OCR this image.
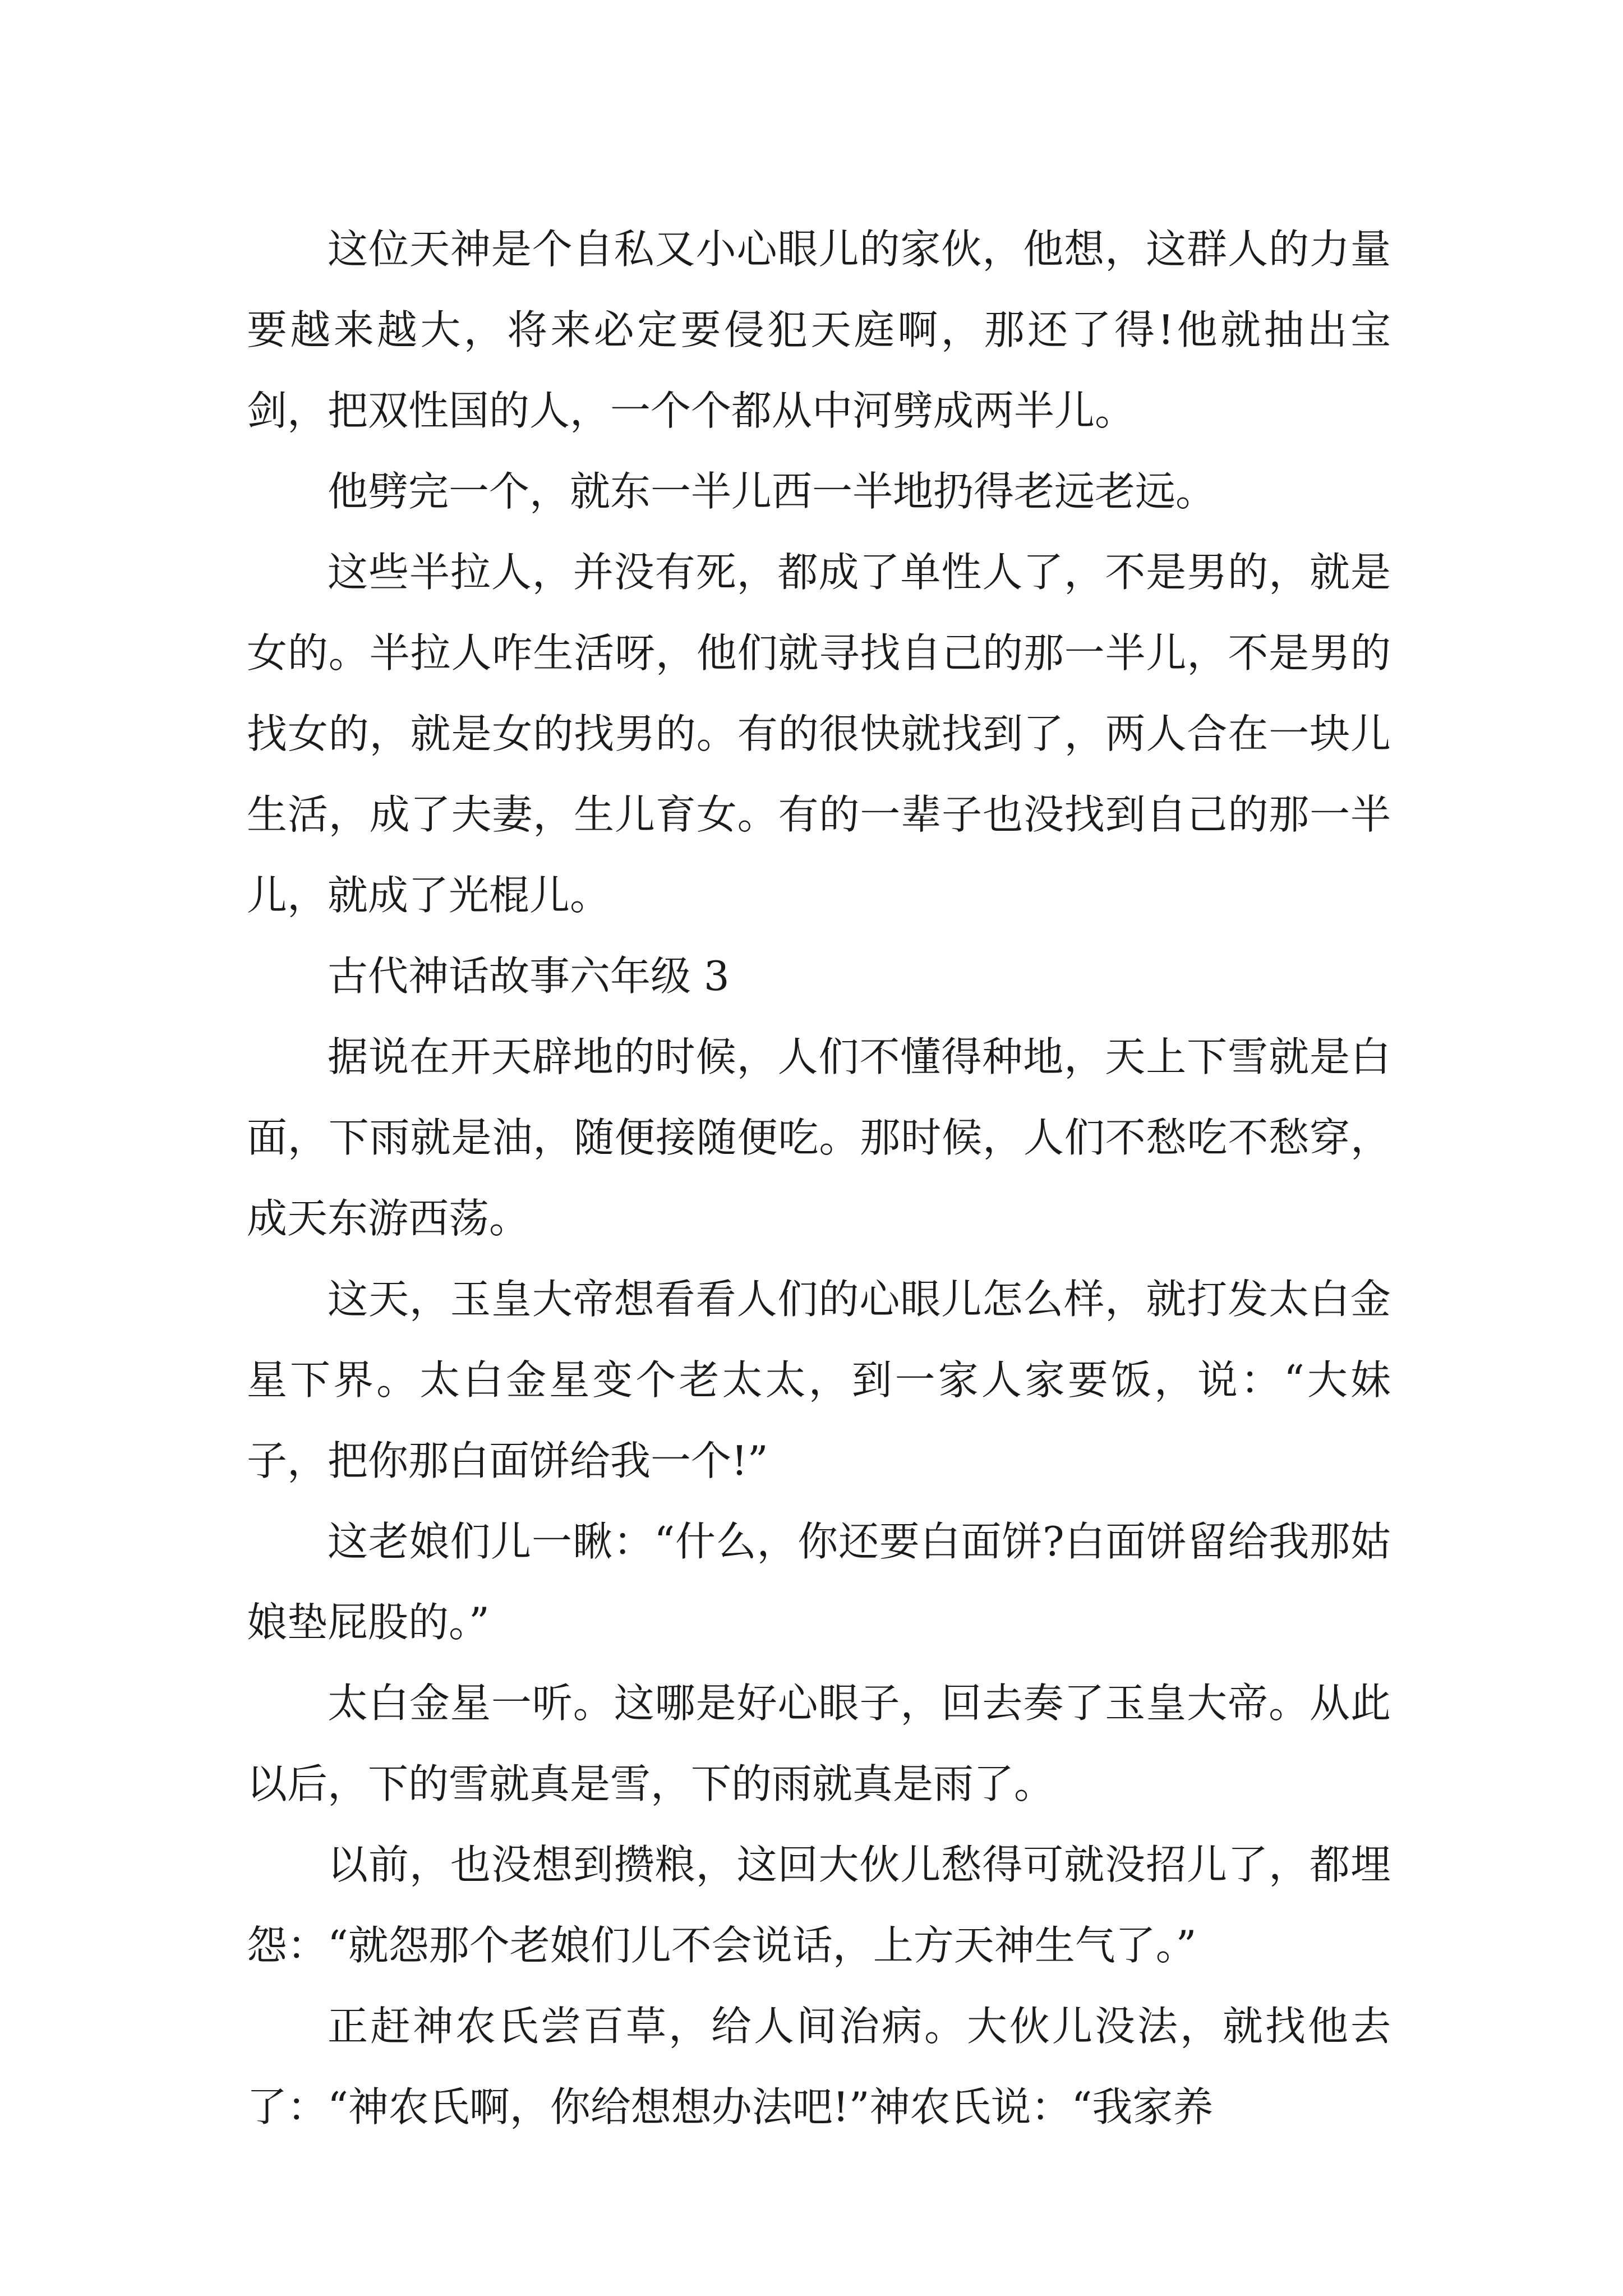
这位天神是个自私又小心眼儿的家伙，他想，这群人的力量要越来越大，将来必定要侵犯天庭啊，那还了得!他就抽出宝剑，把双性国的人，一个个都从中河劈成两半儿。

他劈完一个，就东一半儿西一半地扔得老远老远。

这些半拉人，并没有死，都成了单性人了，不是男的，就是女的。半拉人咋生活呀，他们就寻找自己的那一半儿，不是男的找女的，就是女的找男的。有的很快就找到了，两人合在一块儿生活，成了夫妻，生儿育女。有的一辈子也没找到自己的那一半儿，就成了光棍儿。

古代神话故事六年级 3

据说在开天辟地的时候，人们不懂得种地，天上下雪就是白面，下雨就是油，随便接随便吃。那时候，人们不愁吃不愁穿，成天东游西荡。

这天，玉皇大帝想看看人们的心眼儿怎么样，就打发太白金星下界。太白金星变个老太太，到一家人家要饭，说：“大妹子，把你那白面饼给我一个!”

这老娘们儿一瞅：“什么，你还要白面饼?白面饼留给我那姑娘垫屁股的。”

太白金星一听。这哪是好心眼子，回去奏了玉皇大帝。从此以后，下的雪就真是雪，下的雨就真是雨了。

以前，也没想到攒粮，这回大伙儿愁得可就没招儿了，都埋怨：“就怨那个老娘们儿不会说话，上方天神生气了。”

正赶神农氏尝百草，给人间治病。大伙儿没法，就找他去了：“神农氏啊，你给想想办法吧!”神农氏说：“我家养
